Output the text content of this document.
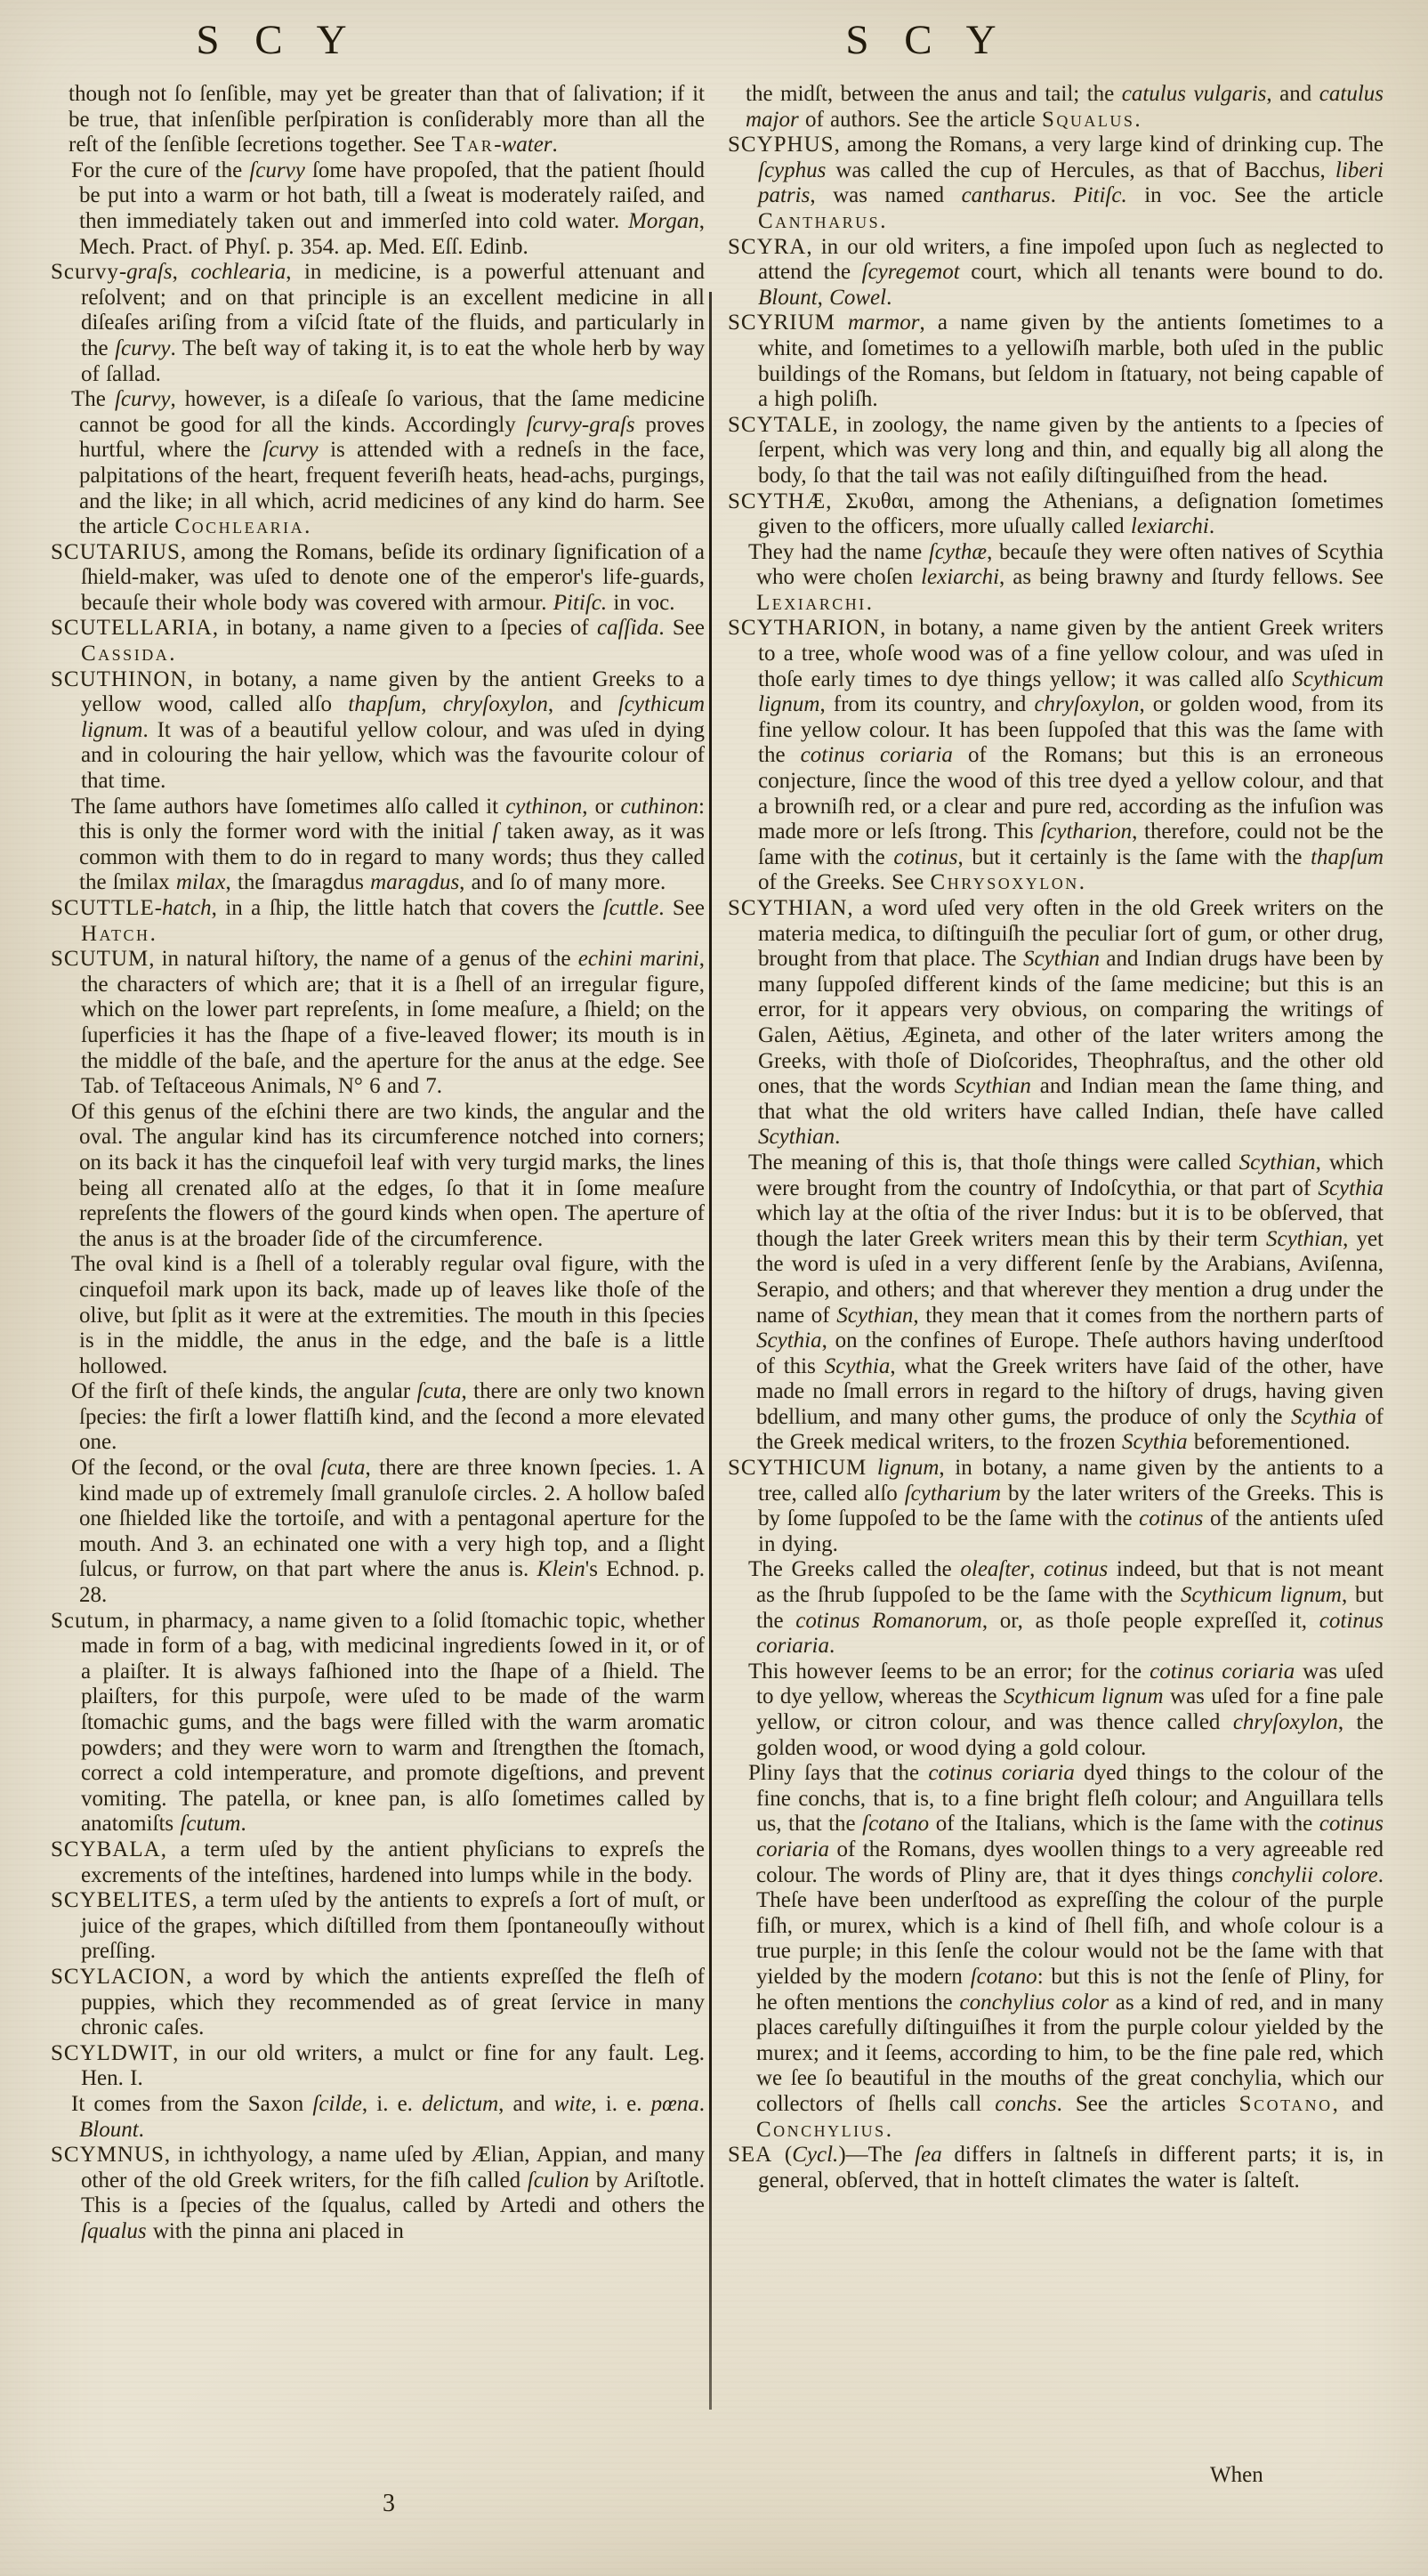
S C Y	S C Y

though not ſo ſenſible, may yet be greater than that of ſalivation; if it be true, that inſenſible perſpiration is conſiderably more than all the reſt of the ſenſible ſecretions together. See Tar-water.

For the cure of the ſcurvy ſome have propoſed, that the patient ſhould be put into a warm or hot bath, till a ſweat is moderately raiſed, and then immediately taken out and immerſed into cold water. Morgan, Mech. Pract. of Phyſ. p. 354. ap. Med. Eſſ. Edinb.

Scurvy-graſs, cochlearia, in medicine, is a powerful attenuant and reſolvent; and on that principle is an excellent medicine in all diſeaſes ariſing from a viſcid ſtate of the fluids, and particularly in the ſcurvy. The beſt way of taking it, is to eat the whole herb by way of ſallad.

The ſcurvy, however, is a diſeaſe ſo various, that the ſame medicine cannot be good for all the kinds. Accordingly ſcurvy-graſs proves hurtful, where the ſcurvy is attended with a redneſs in the face, palpitations of the heart, frequent feveriſh heats, head-achs, purgings, and the like; in all which, acrid medicines of any kind do harm. See the article Cochlearia.

SCUTARIUS, among the Romans, beſide its ordinary ſignification of a ſhield-maker, was uſed to denote one of the emperor's life-guards, becauſe their whole body was covered with armour. Pitiſc. in voc.

SCUTELLARIA, in botany, a name given to a ſpecies of caſſida. See Cassida.

SCUTHINON, in botany, a name given by the antient Greeks to a yellow wood, called alſo thapſum, chryſoxylon, and ſcythicum lignum. It was of a beautiful yellow colour, and was uſed in dying and in colouring the hair yellow, which was the favourite colour of that time.

The ſame authors have ſometimes alſo called it cythinon, or cuthinon: this is only the former word with the initial ſ taken away, as it was common with them to do in regard to many words; thus they called the ſmilax milax, the ſmaragdus maragdus, and ſo of many more.

SCUTTLE-hatch, in a ſhip, the little hatch that covers the ſcuttle. See Hatch.

SCUTUM, in natural hiſtory, the name of a genus of the echini marini, the characters of which are; that it is a ſhell of an irregular figure, which on the lower part repreſents, in ſome meaſure, a ſhield; on the ſuperficies it has the ſhape of a five-leaved flower; its mouth is in the middle of the baſe, and the aperture for the anus at the edge. See Tab. of Teſtaceous Animals, N° 6 and 7.

Of this genus of the eſchini there are two kinds, the angular and the oval. The angular kind has its circumference notched into corners; on its back it has the cinquefoil leaf with very turgid marks, the lines being all crenated alſo at the edges, ſo that it in ſome meaſure repreſents the flowers of the gourd kinds when open. The aperture of the anus is at the broader ſide of the circumference.

The oval kind is a ſhell of a tolerably regular oval figure, with the cinquefoil mark upon its back, made up of leaves like thoſe of the olive, but ſplit as it were at the extremities. The mouth in this ſpecies is in the middle, the anus in the edge, and the baſe is a little hollowed.

Of the firſt of theſe kinds, the angular ſcuta, there are only two known ſpecies: the firſt a lower flattiſh kind, and the ſecond a more elevated one.

Of the ſecond, or the oval ſcuta, there are three known ſpecies. 1. A kind made up of extremely ſmall granuloſe circles. 2. A hollow baſed one ſhielded like the tortoiſe, and with a pentagonal aperture for the mouth. And 3. an echinated one with a very high top, and a ſlight ſulcus, or furrow, on that part where the anus is. Klein's Echnod. p. 28.

Scutum, in pharmacy, a name given to a ſolid ſtomachic topic, whether made in form of a bag, with medicinal ingredients ſowed in it, or of a plaiſter. It is always faſhioned into the ſhape of a ſhield. The plaiſters, for this purpoſe, were uſed to be made of the warm ſtomachic gums, and the bags were filled with the warm aromatic powders; and they were worn to warm and ſtrengthen the ſtomach, correct a cold intemperature, and promote digeſtions, and prevent vomiting. The patella, or knee pan, is alſo ſometimes called by anatomiſts ſcutum.

SCYBALA, a term uſed by the antient phyſicians to expreſs the excrements of the inteſtines, hardened into lumps while in the body.

SCYBELITES, a term uſed by the antients to expreſs a ſort of muſt, or juice of the grapes, which diſtilled from them ſpontaneouſly without preſſing.

SCYLACION, a word by which the antients expreſſed the fleſh of puppies, which they recommended as of great ſervice in many chronic caſes.

SCYLDWIT, in our old writers, a mulct or fine for any fault. Leg. Hen. I.

It comes from the Saxon ſcilde, i. e. delictum, and wite, i. e. pœna. Blount.

SCYMNUS, in ichthyology, a name uſed by Ælian, Appian, and many other of the old Greek writers, for the fiſh called ſculion by Ariſtotle. This is a ſpecies of the ſqualus, called by Artedi and others the ſqualus with the pinna ani placed in

the midſt, between the anus and tail; the catulus vulgaris, and catulus major of authors. See the article Squalus.

SCYPHUS, among the Romans, a very large kind of drinking cup. The ſcyphus was called the cup of Hercules, as that of Bacchus, liberi patris, was named cantharus. Pitiſc. in voc. See the article Cantharus.

SCYRA, in our old writers, a fine impoſed upon ſuch as neglected to attend the ſcyregemot court, which all tenants were bound to do. Blount, Cowel.

SCYRIUM marmor, a name given by the antients ſometimes to a white, and ſometimes to a yellowiſh marble, both uſed in the public buildings of the Romans, but ſeldom in ſtatuary, not being capable of a high poliſh.

SCYTALE, in zoology, the name given by the antients to a ſpecies of ſerpent, which was very long and thin, and equally big all along the body, ſo that the tail was not eaſily diſtinguiſhed from the head.

SCYTHÆ, Σκυθαι, among the Athenians, a deſignation ſometimes given to the officers, more uſually called lexiarchi.

They had the name ſcythæ, becauſe they were often natives of Scythia who were choſen lexiarchi, as being brawny and ſturdy fellows. See Lexiarchi.

SCYTHARION, in botany, a name given by the antient Greek writers to a tree, whoſe wood was of a fine yellow colour, and was uſed in thoſe early times to dye things yellow; it was called alſo Scythicum lignum, from its country, and chryſoxylon, or golden wood, from its fine yellow colour. It has been ſuppoſed that this was the ſame with the cotinus coriaria of the Romans; but this is an erroneous conjecture, ſince the wood of this tree dyed a yellow colour, and that a browniſh red, or a clear and pure red, according as the infuſion was made more or leſs ſtrong. This ſcytharion, therefore, could not be the ſame with the cotinus, but it certainly is the ſame with the thapſum of the Greeks. See Chrysoxylon.

SCYTHIAN, a word uſed very often in the old Greek writers on the materia medica, to diſtinguiſh the peculiar ſort of gum, or other drug, brought from that place. The Scythian and Indian drugs have been by many ſuppoſed different kinds of the ſame medicine; but this is an error, for it appears very obvious, on comparing the writings of Galen, Aëtius, Ægineta, and other of the later writers among the Greeks, with thoſe of Dioſcorides, Theophraſtus, and the other old ones, that the words Scythian and Indian mean the ſame thing, and that what the old writers have called Indian, theſe have called Scythian.

The meaning of this is, that thoſe things were called Scythian, which were brought from the country of Indoſcythia, or that part of Scythia which lay at the oſtia of the river Indus: but it is to be obſerved, that though the later Greek writers mean this by their term Scythian, yet the word is uſed in a very different ſenſe by the Arabians, Aviſenna, Serapio, and others; and that wherever they mention a drug under the name of Scythian, they mean that it comes from the northern parts of Scythia, on the confines of Europe. Theſe authors having underſtood of this Scythia, what the Greek writers have ſaid of the other, have made no ſmall errors in regard to the hiſtory of drugs, having given bdellium, and many other gums, the produce of only the Scythia of the Greek medical writers, to the frozen Scythia beforementioned.

SCYTHICUM lignum, in botany, a name given by the antients to a tree, called alſo ſcytharium by the later writers of the Greeks. This is by ſome ſuppoſed to be the ſame with the cotinus of the antients uſed in dying.

The Greeks called the oleaſter, cotinus indeed, but that is not meant as the ſhrub ſuppoſed to be the ſame with the Scythicum lignum, but the cotinus Romanorum, or, as thoſe people expreſſed it, cotinus coriaria.

This however ſeems to be an error; for the cotinus coriaria was uſed to dye yellow, whereas the Scythicum lignum was uſed for a fine pale yellow, or citron colour, and was thence called chryſoxylon, the golden wood, or wood dying a gold colour.

Pliny ſays that the cotinus coriaria dyed things to the colour of the fine conchs, that is, to a fine bright fleſh colour; and Anguillara tells us, that the ſcotano of the Italians, which is the ſame with the cotinus coriaria of the Romans, dyes woollen things to a very agreeable red colour. The words of Pliny are, that it dyes things conchylii colore. Theſe have been underſtood as expreſſing the colour of the purple fiſh, or murex, which is a kind of ſhell fiſh, and whoſe colour is a true purple; in this ſenſe the colour would not be the ſame with that yielded by the modern ſcotano: but this is not the ſenſe of Pliny, for he often mentions the conchylius color as a kind of red, and in many places carefully diſtinguiſhes it from the purple colour yielded by the murex; and it ſeems, according to him, to be the fine pale red, which we ſee ſo beautiful in the mouths of the great conchylia, which our collectors of ſhells call conchs. See the articles Scotano, and Conchylius.

SEA (Cycl.)—The ſea differs in ſaltneſs in different parts; it is, in general, obſerved, that in hotteſt climates the water is ſalteſt.

3
When
